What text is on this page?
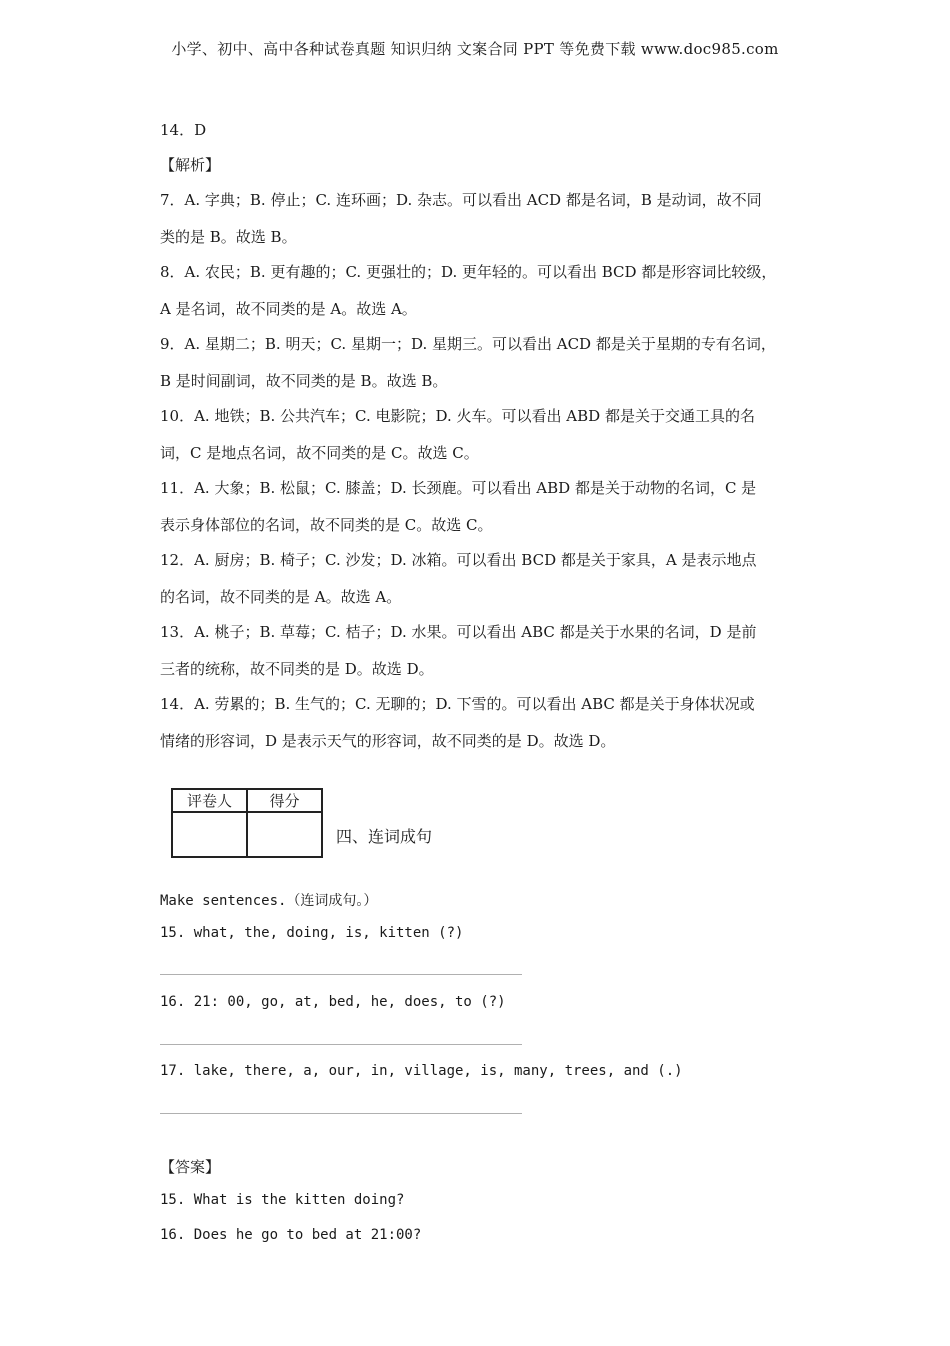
小学、初中、高中各种试卷真题 知识归纳 文案合同 PPT 等免费下载 www.doc985.com
14．D
【解析】
7．A. 字典；B. 停止；C. 连环画；D. 杂志。可以看出 ACD 都是名词，B 是动词，故不同
类的是 B。故选 B。
8．A. 农民；B. 更有趣的；C. 更强壮的；D. 更年轻的。可以看出 BCD 都是形容词比较级，
A 是名词，故不同类的是 A。故选 A。
9．A. 星期二；B. 明天；C. 星期一；D. 星期三。可以看出 ACD 都是关于星期的专有名词，
B 是时间副词，故不同类的是 B。故选 B。
10．A. 地铁；B. 公共汽车；C. 电影院；D. 火车。可以看出 ABD 都是关于交通工具的名
词，C 是地点名词，故不同类的是 C。故选 C。
11．A. 大象；B. 松鼠；C. 膝盖；D. 长颈鹿。可以看出 ABD 都是关于动物的名词，C 是
表示身体部位的名词，故不同类的是 C。故选 C。
12．A. 厨房；B. 椅子；C. 沙发；D. 冰箱。可以看出 BCD 都是关于家具，A 是表示地点
的名词，故不同类的是 A。故选 A。
13．A. 桃子；B. 草莓；C. 桔子；D. 水果。可以看出 ABC 都是关于水果的名词，D 是前
三者的统称，故不同类的是 D。故选 D。
14．A. 劳累的；B. 生气的；C. 无聊的；D. 下雪的。可以看出 ABC 都是关于身体状况或
情绪的形容词，D 是表示天气的形容词，故不同类的是 D。故选 D。
评卷人	得分

四、连词成句
Make sentences.（连词成句。）
15. what, the, doing, is, kitten (?)
16. 21: 00, go, at, bed, he, does, to (?)
17. lake, there, a, our, in, village, is, many, trees, and (.)
【答案】
15. What is the kitten doing?
16. Does he go to bed at 21:00?
